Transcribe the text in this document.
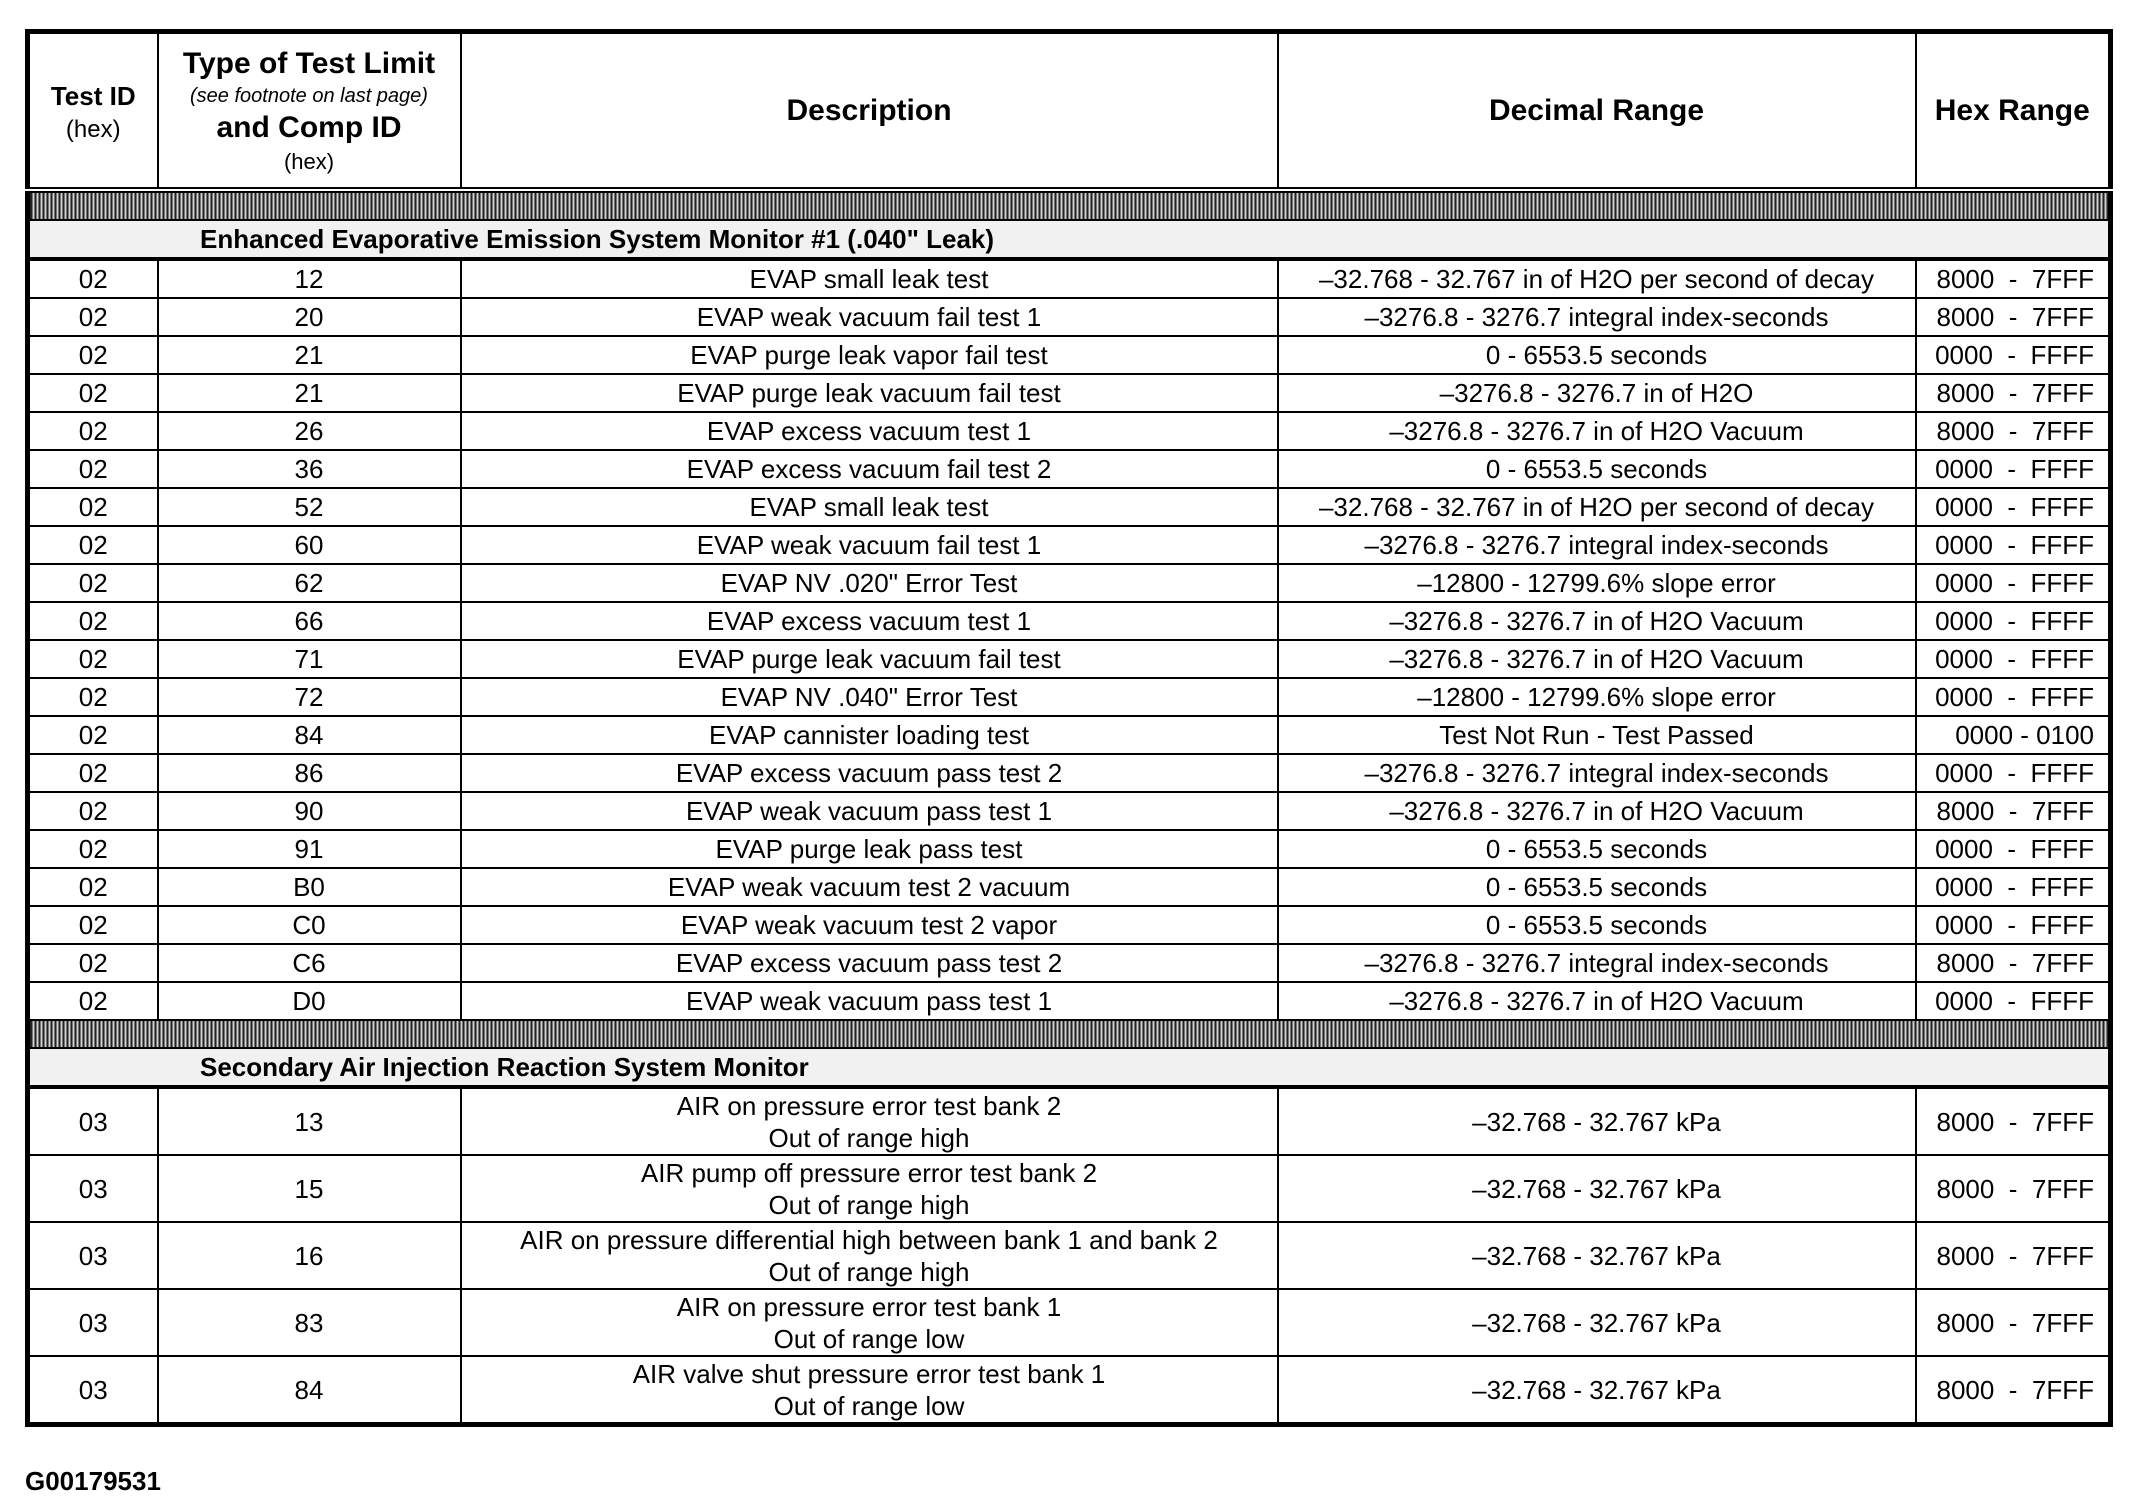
Test ID
(hex)	Type of Test Limit
(see footnote on last page)
and Comp ID
(hex)	Description	Decimal Range	Hex Range

Enhanced Evaporative Emission System Monitor #1 (.040" Leak)				
02	12	EVAP small leak test	–32.768 - 32.767 in of H2O per second of decay	8000  -  7FFF

02	20	EVAP weak vacuum fail test 1	–3276.8 - 3276.7 integral index-seconds	8000  -  7FFF

02	21	EVAP purge leak vapor fail test	0 - 6553.5 seconds	0000  -  FFFF

02	21	EVAP purge leak vacuum fail test	–3276.8 - 3276.7 in of H2O	8000  -  7FFF

02	26	EVAP excess vacuum test 1	–3276.8 - 3276.7 in of H2O Vacuum	8000  -  7FFF

02	36	EVAP excess vacuum fail test 2	0 - 6553.5 seconds	0000  -  FFFF

02	52	EVAP small leak test	–32.768 - 32.767 in of H2O per second of decay	0000  -  FFFF

02	60	EVAP weak vacuum fail test 1	–3276.8 - 3276.7 integral index-seconds	0000  -  FFFF

02	62	EVAP NV .020" Error Test	–12800 - 12799.6% slope error	0000  -  FFFF

02	66	EVAP excess vacuum test 1	–3276.8 - 3276.7 in of H2O Vacuum	0000  -  FFFF

02	71	EVAP purge leak vacuum fail test	–3276.8 - 3276.7 in of H2O Vacuum	0000  -  FFFF

02	72	EVAP NV .040" Error Test	–12800 - 12799.6% slope error	0000  -  FFFF

02	84	EVAP cannister loading test	Test Not Run - Test Passed	0000 - 0100

02	86	EVAP excess vacuum pass test 2	–3276.8 - 3276.7 integral index-seconds	0000  -  FFFF

02	90	EVAP weak vacuum pass test 1	–3276.8 - 3276.7 in of H2O Vacuum	8000  -  7FFF

02	91	EVAP purge leak pass test	0 - 6553.5 seconds	0000  -  FFFF

02	B0	EVAP weak vacuum test 2 vacuum	0 - 6553.5 seconds	0000  -  FFFF

02	C0	EVAP weak vacuum test 2 vapor	0 - 6553.5 seconds	0000  -  FFFF

02	C6	EVAP excess vacuum pass test 2	–3276.8 - 3276.7 integral index-seconds	8000  -  7FFF

02	D0	EVAP weak vacuum pass test 1	–3276.8 - 3276.7 in of H2O Vacuum	0000  -  FFFF

Secondary Air Injection Reaction System Monitor				
03	13	AIR on pressure error test bank 2
Out of range high	–32.768 - 32.767 kPa	8000  -  7FFF

03	15	AIR pump off pressure error test bank 2
Out of range high	–32.768 - 32.767 kPa	8000  -  7FFF

03	16	AIR on pressure differential high between bank 1 and bank 2
Out of range high	–32.768 - 32.767 kPa	8000  -  7FFF

03	83	AIR on pressure error test bank 1
Out of range low	–32.768 - 32.767 kPa	8000  -  7FFF

03	84	AIR valve shut pressure error test bank 1
Out of range low	–32.768 - 32.767 kPa	8000  -  7FFF
G00179531
